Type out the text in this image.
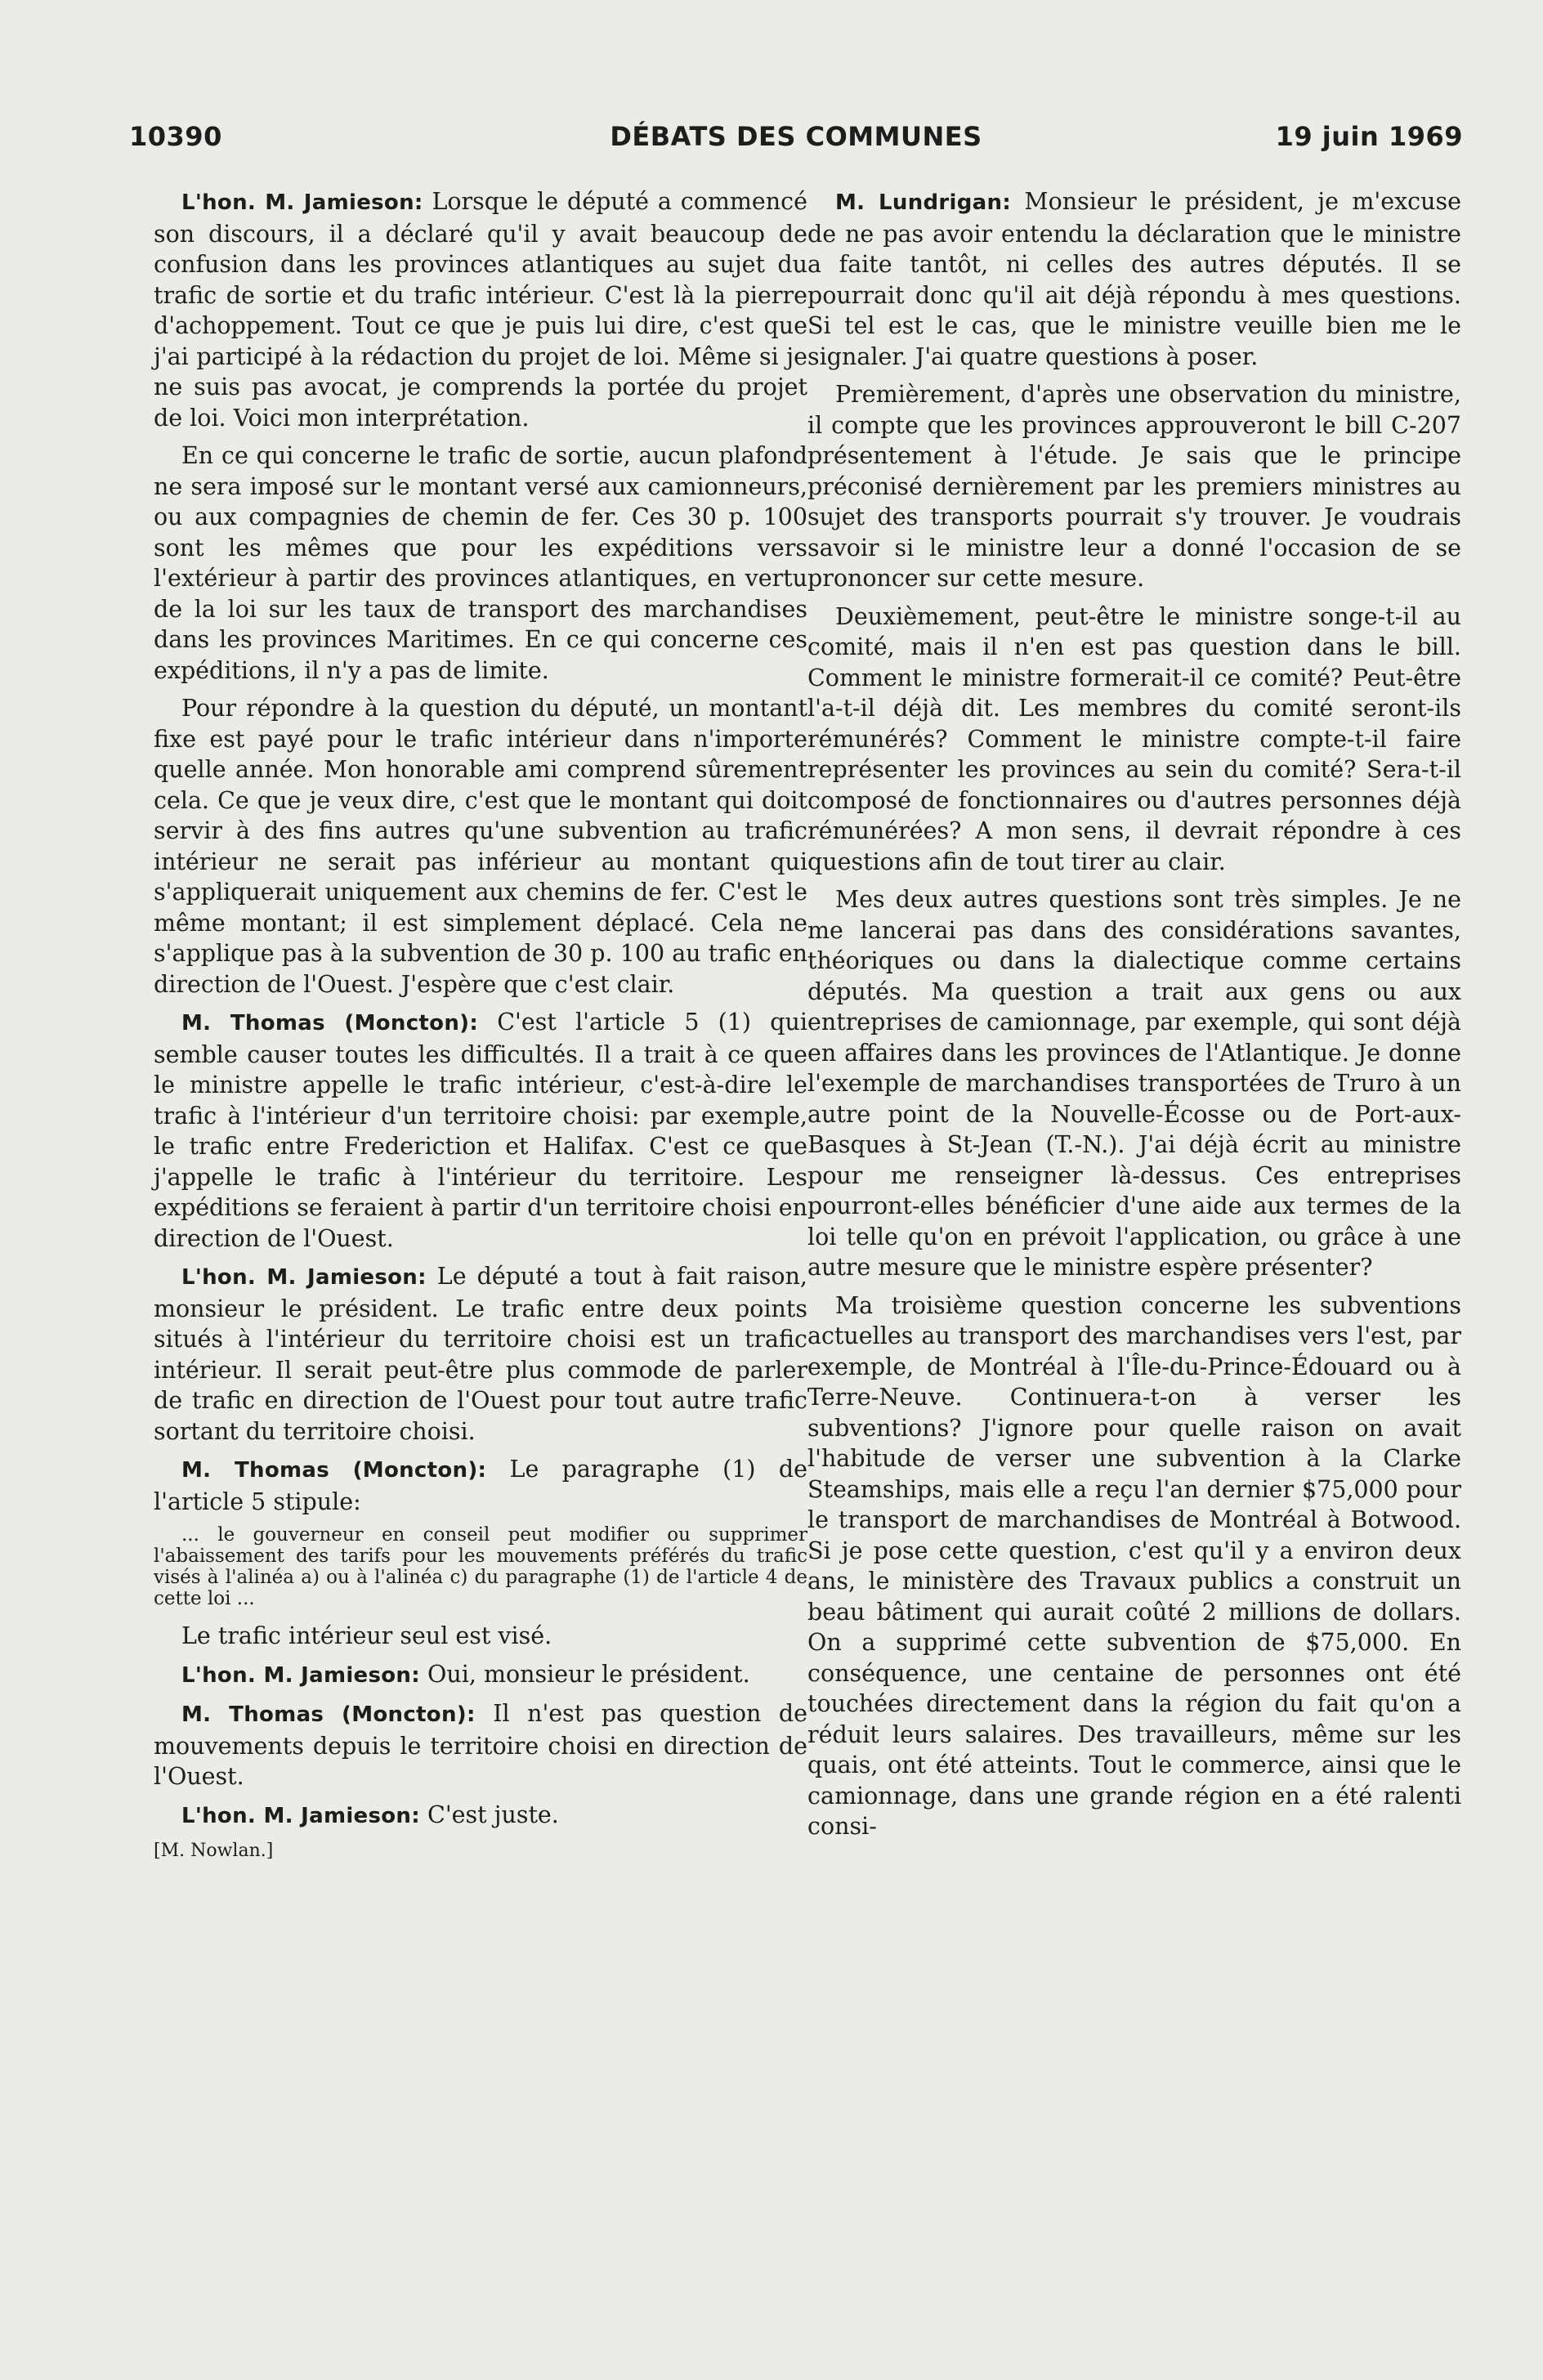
10390	DÉBATS DES COMMUNES	19 juin 1969

L'hon. M. Jamieson: Lorsque le député a commencé son discours, il a déclaré qu'il y avait beaucoup de confusion dans les provinces atlantiques au sujet du trafic de sortie et du trafic intérieur. C'est là la pierre d'achoppement. Tout ce que je puis lui dire, c'est que j'ai participé à la rédaction du projet de loi. Même si je ne suis pas avocat, je comprends la portée du projet de loi. Voici mon interprétation.

En ce qui concerne le trafic de sortie, aucun plafond ne sera imposé sur le montant versé aux camionneurs, ou aux compagnies de chemin de fer. Ces 30 p. 100 sont les mêmes que pour les expéditions vers l'extérieur à partir des provinces atlantiques, en vertu de la loi sur les taux de transport des marchandises dans les provinces Maritimes. En ce qui concerne ces expéditions, il n'y a pas de limite.

Pour répondre à la question du député, un montant fixe est payé pour le trafic intérieur dans n'importe quelle année. Mon honorable ami comprend sûrement cela. Ce que je veux dire, c'est que le montant qui doit servir à des fins autres qu'une subvention au trafic intérieur ne serait pas inférieur au montant qui s'appliquerait uniquement aux chemins de fer. C'est le même montant; il est simplement déplacé. Cela ne s'applique pas à la subvention de 30 p. 100 au trafic en direction de l'Ouest. J'espère que c'est clair.

M. Thomas (Moncton): C'est l'article 5 (1) qui semble causer toutes les difficultés. Il a trait à ce que le ministre appelle le trafic intérieur, c'est-à-dire le trafic à l'intérieur d'un territoire choisi: par exemple, le trafic entre Frederiction et Halifax. C'est ce que j'appelle le trafic à l'intérieur du territoire. Les expéditions se feraient à partir d'un territoire choisi en direction de l'Ouest.

L'hon. M. Jamieson: Le député a tout à fait raison, monsieur le président. Le trafic entre deux points situés à l'intérieur du territoire choisi est un trafic intérieur. Il serait peut-être plus commode de parler de trafic en direction de l'Ouest pour tout autre trafic sortant du territoire choisi.

M. Thomas (Moncton): Le paragraphe (1) de l'article 5 stipule:

... le gouverneur en conseil peut modifier ou supprimer l'abaissement des tarifs pour les mouvements préférés du trafic visés à l'alinéa a) ou à l'alinéa c) du paragraphe (1) de l'article 4 de cette loi ...

Le trafic intérieur seul est visé.

L'hon. M. Jamieson: Oui, monsieur le président.

M. Thomas (Moncton): Il n'est pas question de mouvements depuis le territoire choisi en direction de l'Ouest.

L'hon. M. Jamieson: C'est juste.

[M. Nowlan.]

M. Lundrigan: Monsieur le président, je m'excuse de ne pas avoir entendu la déclaration que le ministre a faite tantôt, ni celles des autres députés. Il se pourrait donc qu'il ait déjà répondu à mes questions. Si tel est le cas, que le ministre veuille bien me le signaler. J'ai quatre questions à poser.

Premièrement, d'après une observation du ministre, il compte que les provinces approuveront le bill C-207 présentement à l'étude. Je sais que le principe préconisé dernièrement par les premiers ministres au sujet des transports pourrait s'y trouver. Je voudrais savoir si le ministre leur a donné l'occasion de se prononcer sur cette mesure.

Deuxièmement, peut-être le ministre songe-t-il au comité, mais il n'en est pas question dans le bill. Comment le ministre formerait-il ce comité? Peut-être l'a-t-il déjà dit. Les membres du comité seront-ils rémunérés? Comment le ministre compte-t-il faire représenter les provinces au sein du comité? Sera-t-il composé de fonctionnaires ou d'autres personnes déjà rémunérées? A mon sens, il devrait répondre à ces questions afin de tout tirer au clair.

Mes deux autres questions sont très simples. Je ne me lancerai pas dans des considérations savantes, théoriques ou dans la dialectique comme certains députés. Ma question a trait aux gens ou aux entreprises de camionnage, par exemple, qui sont déjà en affaires dans les provinces de l'Atlantique. Je donne l'exemple de marchandises transportées de Truro à un autre point de la Nouvelle-Écosse ou de Port-aux-Basques à St-Jean (T.-N.). J'ai déjà écrit au ministre pour me renseigner là-dessus. Ces entreprises pourront-elles bénéficier d'une aide aux termes de la loi telle qu'on en prévoit l'application, ou grâce à une autre mesure que le ministre espère présenter?

Ma troisième question concerne les subventions actuelles au transport des marchandises vers l'est, par exemple, de Montréal à l'Île-du-Prince-Édouard ou à Terre-Neuve. Continuera-t-on à verser les subventions? J'ignore pour quelle raison on avait l'habitude de verser une subvention à la Clarke Steamships, mais elle a reçu l'an dernier $75,000 pour le transport de marchandises de Montréal à Botwood. Si je pose cette question, c'est qu'il y a environ deux ans, le ministère des Travaux publics a construit un beau bâtiment qui aurait coûté 2 millions de dollars. On a supprimé cette subvention de $75,000. En conséquence, une centaine de personnes ont été touchées directement dans la région du fait qu'on a réduit leurs salaires. Des travailleurs, même sur les quais, ont été atteints. Tout le commerce, ainsi que le camionnage, dans une grande région en a été ralenti consi-
